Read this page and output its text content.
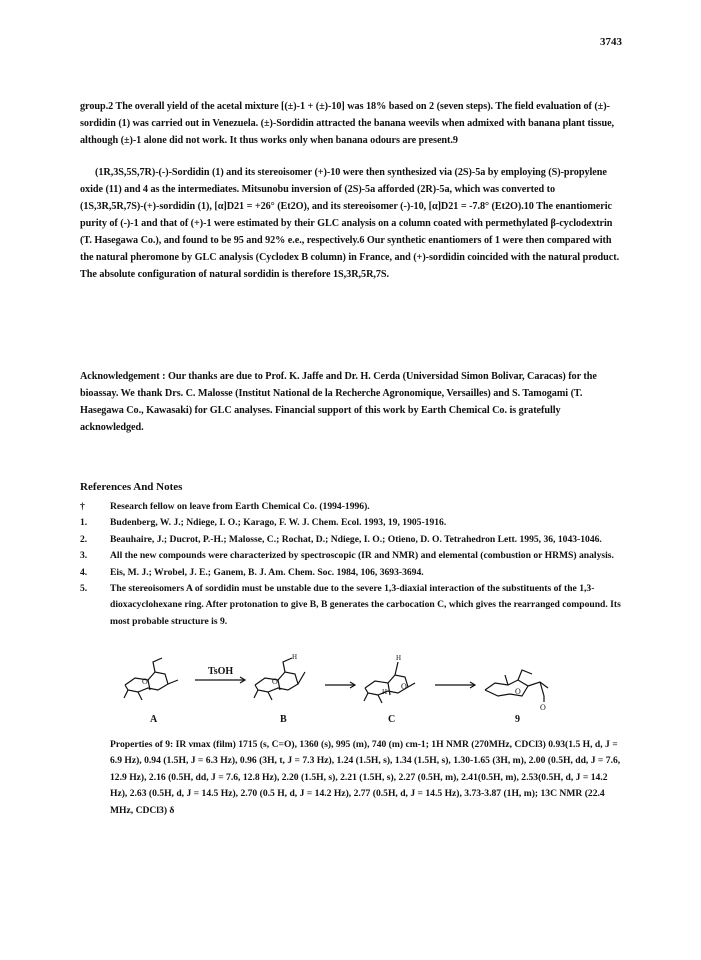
3743
group.2 The overall yield of the acetal mixture [(±)-1 + (±)-10] was 18% based on 2 (seven steps). The field evaluation of (±)-sordidin (1) was carried out in Venezuela. (±)-Sordidin attracted the banana weevils when admixed with banana plant tissue, although (±)-1 alone did not work. It thus works only when banana odours are present.9
(1R,3S,5S,7R)-(-)-Sordidin (1) and its stereoisomer (+)-10 were then synthesized via (2S)-5a by employing (S)-propylene oxide (11) and 4 as the intermediates. Mitsunobu inversion of (2S)-5a afforded (2R)-5a, which was converted to (1S,3R,5R,7S)-(+)-sordidin (1), [α]D21 = +26° (Et2O), and its stereoisomer (-)-10, [α]D21 = -7.8° (Et2O).10 The enantiomeric purity of (-)-1 and that of (+)-1 were estimated by their GLC analysis on a column coated with permethylated β-cyclodextrin (T. Hasegawa Co.), and found to be 95 and 92% e.e., respectively.6 Our synthetic enantiomers of 1 were then compared with the natural pheromone by GLC analysis (Cyclodex B column) in France, and (+)-sordidin coincided with the natural product. The absolute configuration of natural sordidin is therefore 1S,3R,5R,7S.
Acknowledgement : Our thanks are due to Prof. K. Jaffe and Dr. H. Cerda (Universidad Simon Bolivar, Caracas) for the bioassay. We thank Drs. C. Malosse (Institut National de la Recherche Agronomique, Versailles) and S. Tamogami (T. Hasegawa Co., Kawasaki) for GLC analyses. Financial support of this work by Earth Chemical Co. is gratefully acknowledged.
References And Notes
†	Research fellow on leave from Earth Chemical Co. (1994-1996).
1.	Budenberg, W. J.; Ndiege, I. O.; Karago, F. W. J. Chem. Ecol. 1993, 19, 1905-1916.
2.	Beauhaire, J.; Ducrot, P.-H.; Malosse, C.; Rochat, D.; Ndiege, I. O.; Otieno, D. O. Tetrahedron Lett. 1995, 36, 1043-1046.
3.	All the new compounds were characterized by spectroscopic (IR and NMR) and elemental (combustion or HRMS) analysis.
4.	Eis, M. J.; Wrobel, J. E.; Ganem, B. J. Am. Chem. Soc. 1984, 106, 3693-3694.
5.	The stereoisomers A of sordidin must be unstable due to the severe 1,3-diaxial interaction of the substituents of the 1,3-dioxacyclohexane ring. After protonation to give B, B generates the carbocation C, which gives the rearranged compound. Its most probable structure is 9.
O	O
O
O
O
H	H
H
TsOH
A	B	C	9
Properties of 9: IR νmax (film) 1715 (s, C=O), 1360 (s), 995 (m), 740 (m) cm-1; 1H NMR (270MHz, CDCl3) 0.93(1.5 H, d, J = 6.9 Hz), 0.94 (1.5H, J = 6.3 Hz), 0.96 (3H, t, J = 7.3 Hz), 1.24 (1.5H, s), 1.34 (1.5H, s), 1.30-1.65 (3H, m), 2.00 (0.5H, dd, J = 7.6, 12.9 Hz), 2.16 (0.5H, dd, J = 7.6, 12.8 Hz), 2.20 (1.5H, s), 2.21 (1.5H, s), 2.27 (0.5H, m), 2.41(0.5H, m), 2.53(0.5H, d, J = 14.2 Hz), 2.63 (0.5H, d, J = 14.5 Hz), 2.70 (0.5 H, d, J = 14.2 Hz), 2.77 (0.5H, d, J = 14.5 Hz), 3.73-3.87 (1H, m); 13C NMR (22.4 MHz, CDCl3) δ
